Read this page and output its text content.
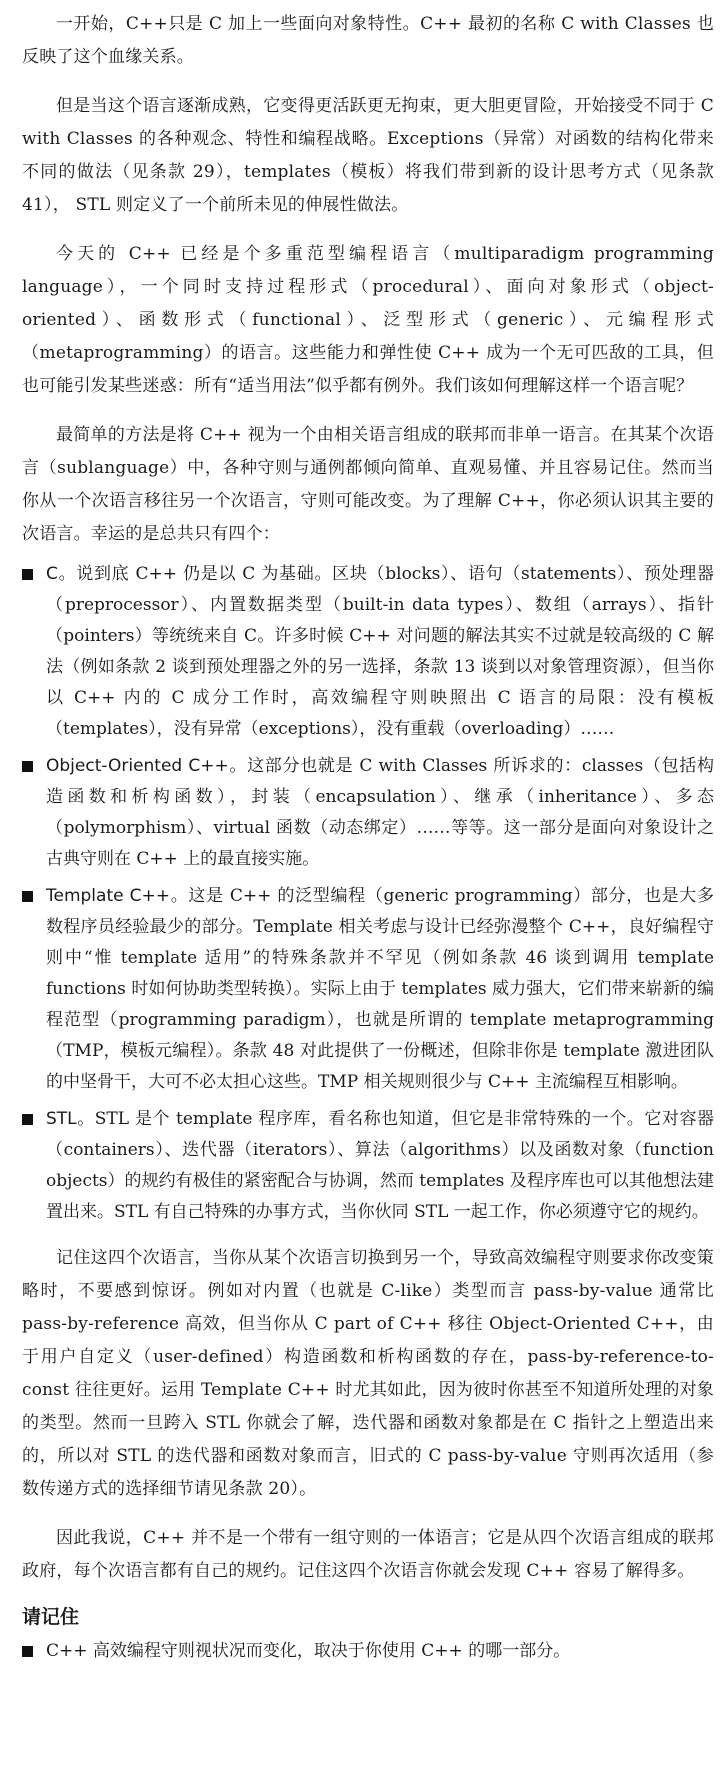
一开始，C++只是 C 加上一些面向对象特性。C++ 最初的名称 C with Classes 也反映了这个血缘关系。

但是当这个语言逐渐成熟，它变得更活跃更无拘束，更大胆更冒险，开始接受不同于 C with Classes 的各种观念、特性和编程战略。Exceptions（异常）对函数的结构化带来不同的做法（见条款 29），templates（模板）将我们带到新的设计思考方式（见条款 41）， STL 则定义了一个前所未见的伸展性做法。

今天的 C++ 已经是个多重范型编程语言（multiparadigm programming language），一个同时支持过程形式（procedural）、面向对象形式（object-oriented）、函数形式（functional）、泛型形式（generic）、元编程形式（metaprogramming）的语言。这些能力和弹性使 C++ 成为一个无可匹敌的工具，但也可能引发某些迷惑：所有“适当用法”似乎都有例外。我们该如何理解这样一个语言呢？

最简单的方法是将 C++ 视为一个由相关语言组成的联邦而非单一语言。在其某个次语言（sublanguage）中，各种守则与通例都倾向简单、直观易懂、并且容易记住。然而当你从一个次语言移往另一个次语言，守则可能改变。为了理解 C++，你必须认识其主要的次语言。幸运的是总共只有四个：

C。说到底 C++ 仍是以 C 为基础。区块（blocks）、语句（statements）、预处理器（preprocessor）、内置数据类型（built-in data types）、数组（arrays）、指针（pointers）等统统来自 C。许多时候 C++ 对问题的解法其实不过就是较高级的 C 解法（例如条款 2 谈到预处理器之外的另一选择，条款 13 谈到以对象管理资源），但当你以 C++ 内的 C 成分工作时，高效编程守则映照出 C 语言的局限：没有模板（templates），没有异常（exceptions），没有重载（overloading）……
Object-Oriented C++。这部分也就是 C with Classes 所诉求的：classes（包括构造函数和析构函数），封装（encapsulation）、继承（inheritance）、多态（polymorphism）、virtual 函数（动态绑定）……等等。这一部分是面向对象设计之古典守则在 C++ 上的最直接实施。
Template C++。这是 C++ 的泛型编程（generic programming）部分，也是大多数程序员经验最少的部分。Template 相关考虑与设计已经弥漫整个 C++，良好编程守则中“惟 template 适用”的特殊条款并不罕见（例如条款 46 谈到调用 template functions 时如何协助类型转换）。实际上由于 templates 威力强大，它们带来崭新的编程范型（programming paradigm），也就是所谓的 template metaprogramming（TMP，模板元编程）。条款 48 对此提供了一份概述，但除非你是 template 激进团队的中坚骨干，大可不必太担心这些。TMP 相关规则很少与 C++ 主流编程互相影响。
STL。STL 是个 template 程序库，看名称也知道，但它是非常特殊的一个。它对容器（containers）、迭代器（iterators）、算法（algorithms）以及函数对象（function objects）的规约有极佳的紧密配合与协调，然而 templates 及程序库也可以其他想法建置出来。STL 有自己特殊的办事方式，当你伙同 STL 一起工作，你必须遵守它的规约。

记住这四个次语言，当你从某个次语言切换到另一个，导致高效编程守则要求你改变策略时，不要感到惊讶。例如对内置（也就是 C-like）类型而言 pass-by-value 通常比 pass-by-reference 高效，但当你从 C part of C++ 移往 Object-Oriented C++，由于用户自定义（user-defined）构造函数和析构函数的存在，pass-by-reference-to-const 往往更好。运用 Template C++ 时尤其如此，因为彼时你甚至不知道所处理的对象的类型。然而一旦跨入 STL 你就会了解，迭代器和函数对象都是在 C 指针之上塑造出来的，所以对 STL 的迭代器和函数对象而言，旧式的 C pass-by-value 守则再次适用（参数传递方式的选择细节请见条款 20）。

因此我说，C++ 并不是一个带有一组守则的一体语言；它是从四个次语言组成的联邦政府，每个次语言都有自己的规约。记住这四个次语言你就会发现 C++ 容易了解得多。

请记住
C++ 高效编程守则视状况而变化，取决于你使用 C++ 的哪一部分。
